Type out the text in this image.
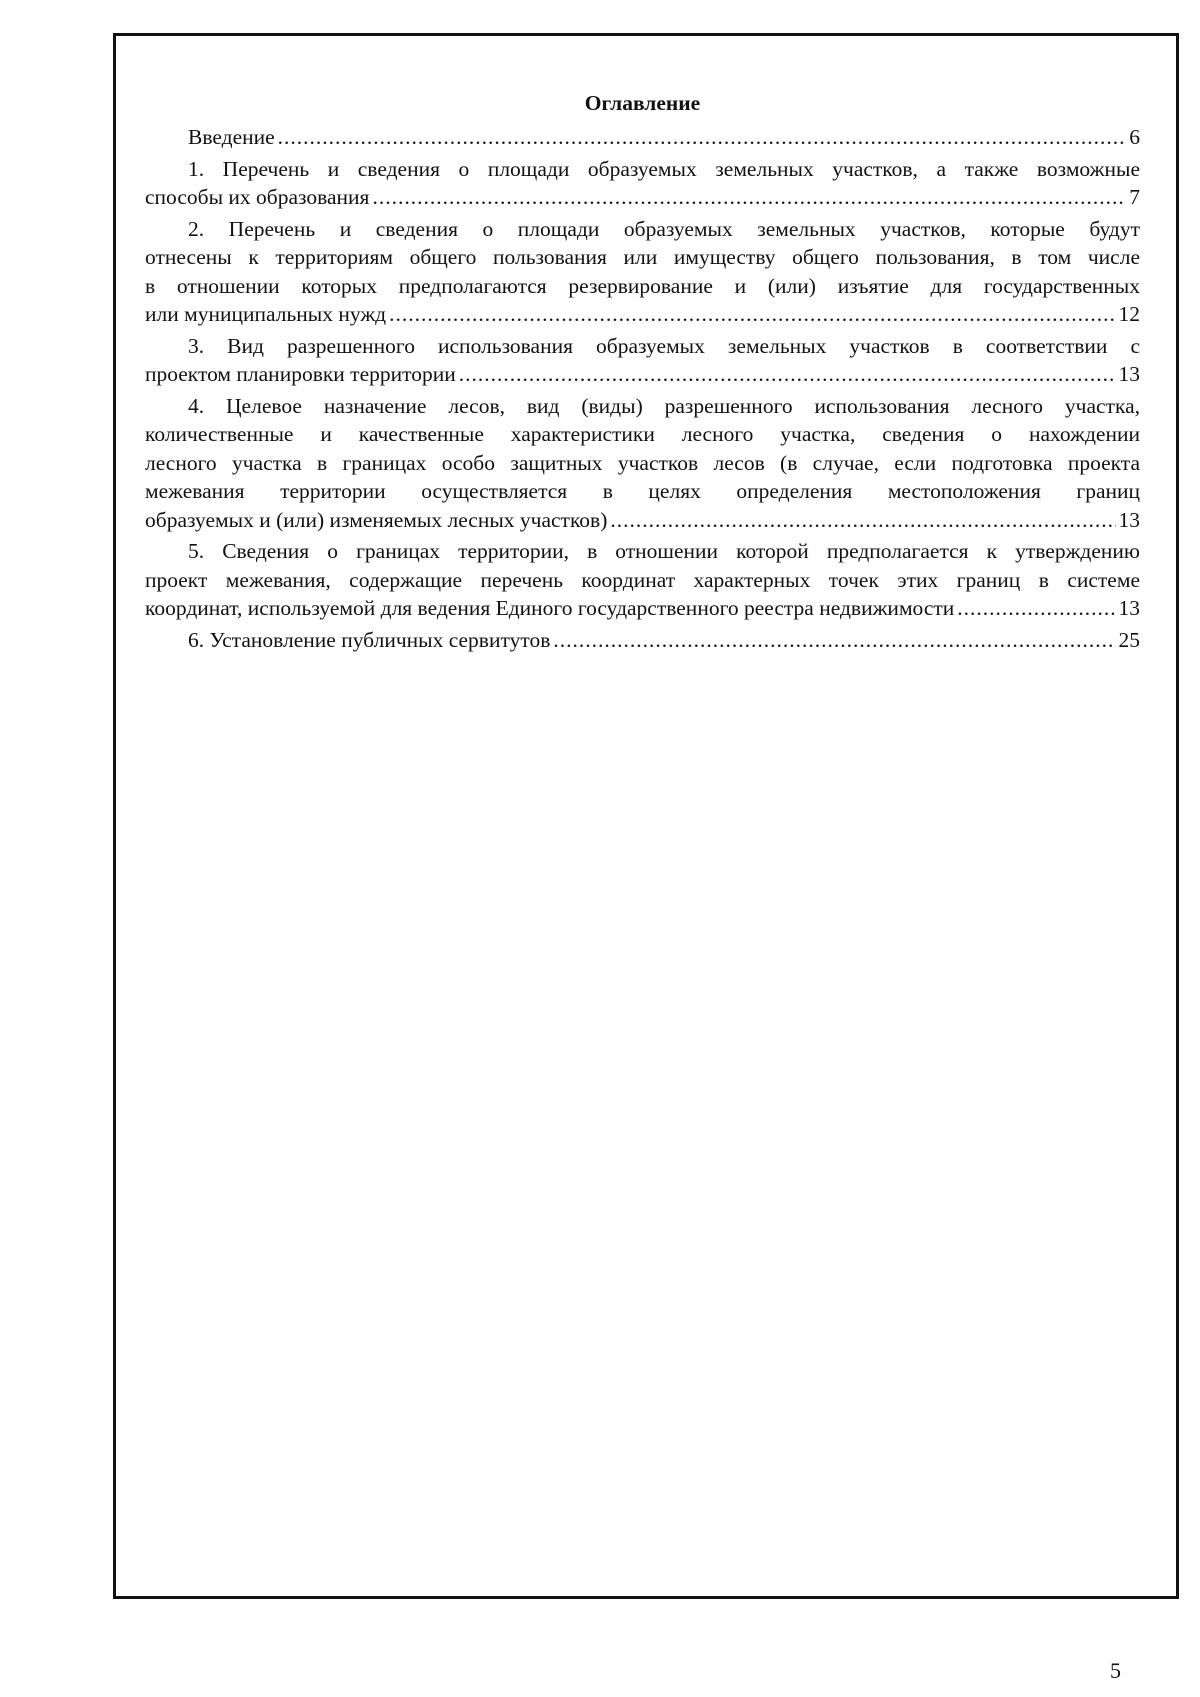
Оглавление
Введение .....	6
1. Перечень и сведения о площади образуемых земельных участков, а также возможные
способы их образования .....	7
2. Перечень и сведения о площади образуемых земельных участков, которые будут
отнесены к территориям общего пользования или имуществу общего пользования, в том числе
в отношении которых предполагаются резервирование и (или) изъятие для государственных
или муниципальных нужд .....	12
3. Вид разрешенного использования образуемых земельных участков в соответствии с
проектом планировки территории .....	13
4. Целевое назначение лесов, вид (виды) разрешенного использования лесного участка,
количественные и качественные характеристики лесного участка, сведения о нахождении
лесного участка в границах особо защитных участков лесов (в случае, если подготовка проекта
межевания территории осуществляется в целях определения местоположения границ
образуемых и (или) изменяемых лесных участков) .....	13
5. Сведения о границах территории, в отношении которой предполагается к утверждению
проект межевания, содержащие перечень координат характерных точек этих границ в системе
координат, используемой для ведения Единого государственного реестра недвижимости .....	13
6. Установление публичных сервитутов .....	25
5
